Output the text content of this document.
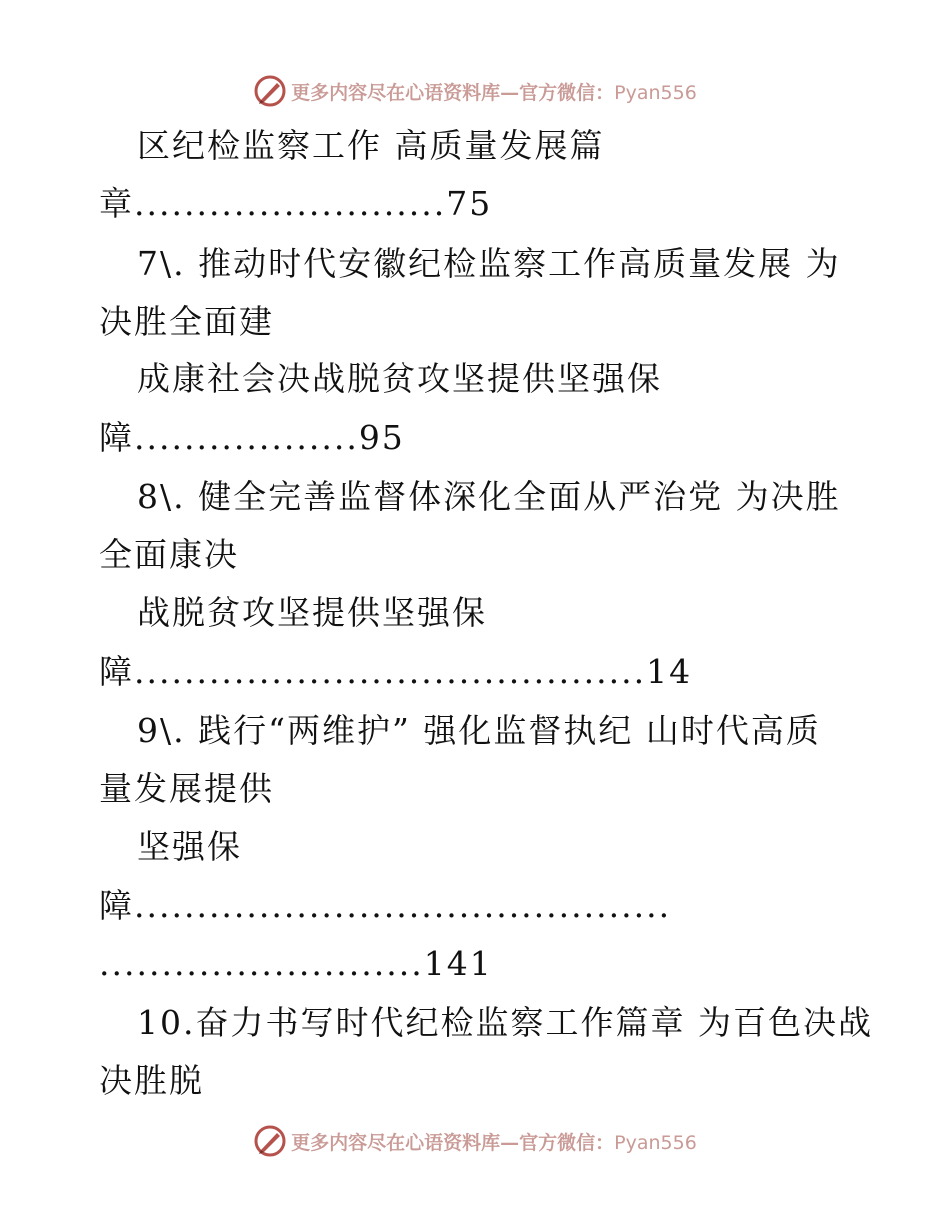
更多内容尽在心语资料库—官方微信：Pyan556
区纪检监察工作 高质量发展篇
章.........................75
7\. 推动时代安徽纪检监察工作高质量发展 为
决胜全面建
成康社会决战脱贫攻坚提供坚强保
障..................95
8\. 健全完善监督体深化全面从严治党 为决胜
全面康决
战脱贫攻坚提供坚强保
障.........................................14
9\. 践行“两维护” 强化监督执纪 山时代高质
量发展提供
坚强保
障...........................................
..........................141
10.奋力书写时代纪检监察工作篇章 为百色决战
决胜脱
更多内容尽在心语资料库—官方微信：Pyan556
